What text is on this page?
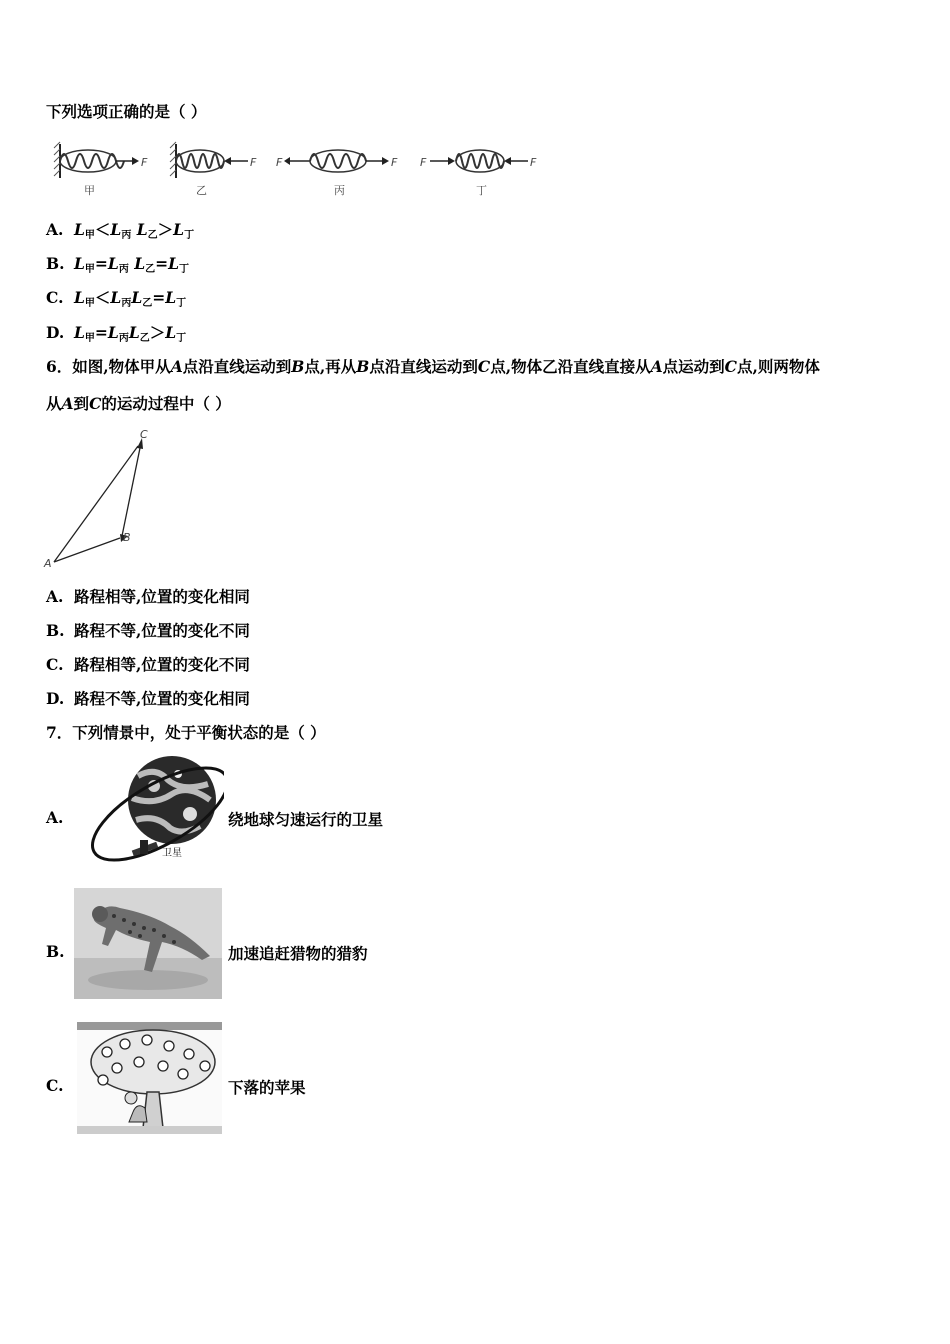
下列选项正确的是（ ）
F
甲
F
乙
F	F
丙
F	F
丁
A. $L_甲<L_丙$ $L_乙>L_丁$
B. $L_甲=L_丙$ $L_乙=L_丁$
C. $L_甲<L_丙L_乙=L_丁$
D. $L_甲=L_丙L_乙>L_丁$
6．如图,物体甲从A点沿直线运动到B点,再从B点沿直线运动到C点,物体乙沿直线直接从A点运动到C点,则两物体
从A到C的运动过程中（ ）
A
B
C
A. 路程相等,位置的变化相同
B. 路程不等,位置的变化不同
C. 路程相等,位置的变化不同
D. 路程不等,位置的变化相同
7．下列情景中，处于平衡状态的是（ ）
A.
卫星
绕地球匀速运行的卫星
B.	加速追赶猎物的猎豹
C.	下落的苹果
